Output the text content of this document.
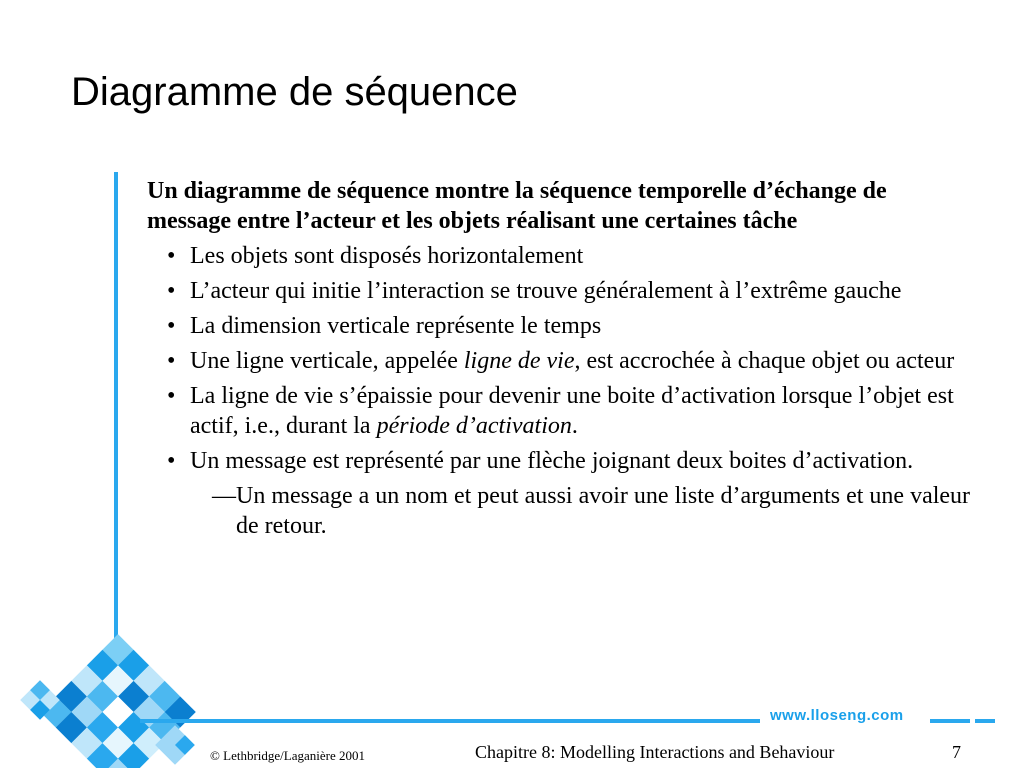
Diagramme de séquence
Un diagramme de séquence montre la séquence temporelle d’échange de message entre l’acteur et les objets réalisant une certaines tâche
• Les objets sont disposés horizontalement
• L’acteur qui initie l’interaction se trouve généralement à l’extrême gauche
• La dimension verticale représente le temps
• Une ligne verticale, appelée ligne de vie, est accrochée à chaque objet ou acteur
• La ligne de vie s’épaissie pour devenir une boite d’activation lorsque l’objet est actif, i.e., durant la période d’activation.
• Un message est représenté par une flèche joignant deux boites d’activation.
— Un message a un nom et peut aussi avoir une liste d’arguments et une valeur de retour.
www.lloseng.com
© Lethbridge/Laganière 2001	Chapitre 8: Modelling Interactions and Behaviour	7
